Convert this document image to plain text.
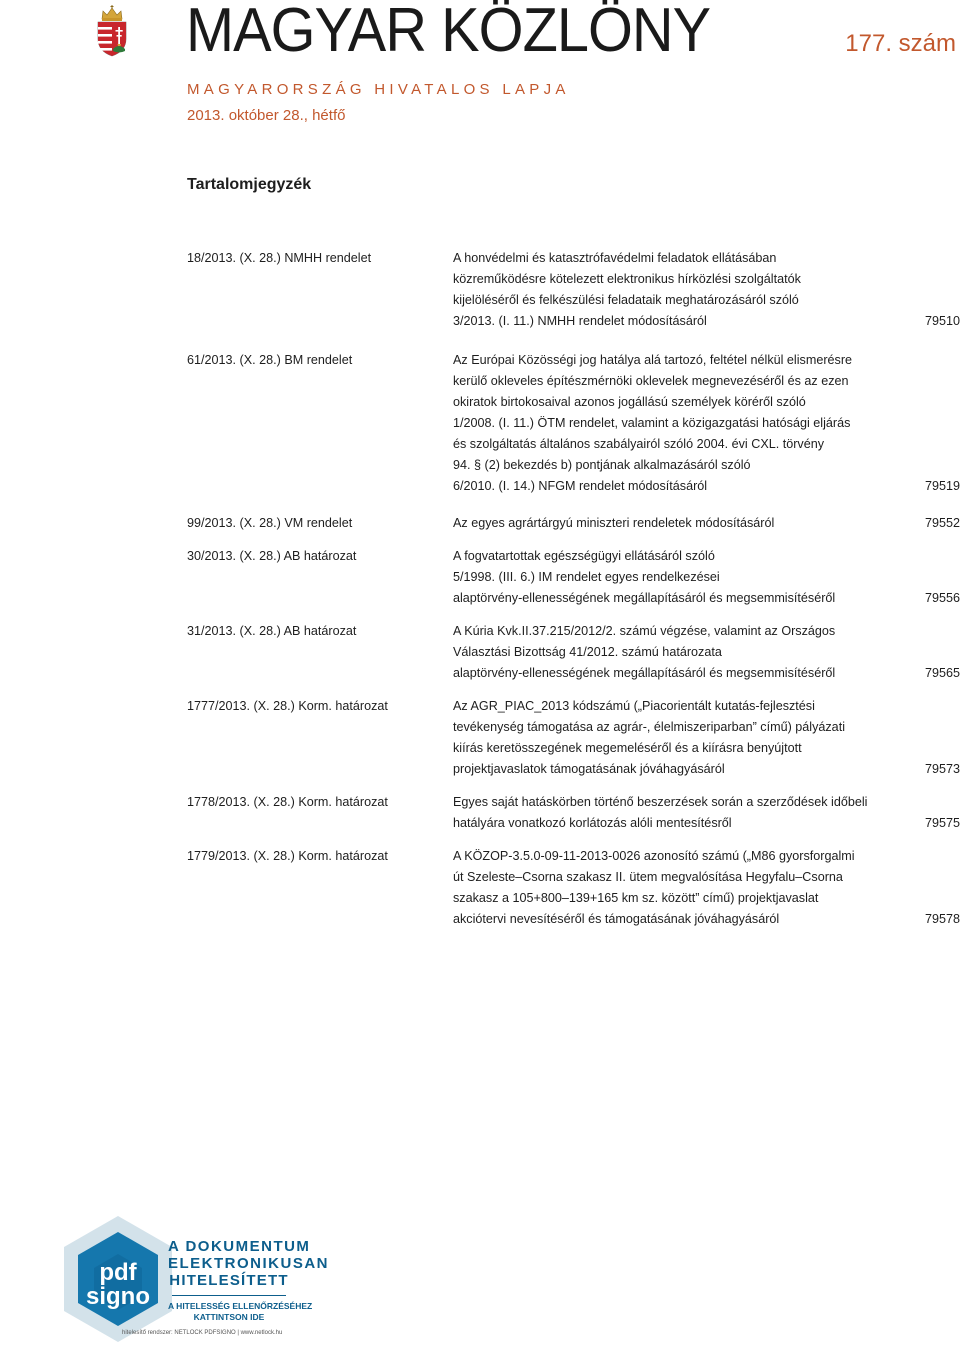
MAGYAR KÖZLÖNY	177. szám
MAGYARORSZÁG HIVATALOS LAPJA
2013. október 28., hétfő
Tartalomjegyzék
18/2013. (X. 28.) NMHH rendelet	A honvédelmi és katasztrófavédelmi feladatok ellátásában
közreműködésre kötelezett elektronikus hírközlési szolgáltatók
kijelöléséről és felkészülési feladataik meghatározásáról szóló
3/2013. (I. 11.) NMHH rendelet módosításáról	79510
61/2013. (X. 28.) BM rendelet	Az Európai Közösségi jog hatálya alá tartozó, feltétel nélkül elismerésre
kerülő okleveles építészmérnöki oklevelek megnevezéséről és az ezen
okiratok birtokosaival azonos jogállású személyek köréről szóló
1/2008. (I. 11.) ÖTM rendelet, valamint a közigazgatási hatósági eljárás
és szolgáltatás általános szabályairól szóló 2004. évi CXL. törvény
94. § (2) bekezdés b) pontjának alkalmazásáról szóló
6/2010. (I. 14.) NFGM rendelet módosításáról	79519
99/2013. (X. 28.) VM rendelet	Az egyes agrártárgyú miniszteri rendeletek módosításáról	79552
30/2013. (X. 28.) AB határozat	A fogvatartottak egészségügyi ellátásáról szóló
5/1998. (III. 6.) IM rendelet egyes rendelkezései
alaptörvény-ellenességének megállapításáról és megsemmisítéséről	79556
31/2013. (X. 28.) AB határozat	A Kúria Kvk.II.37.215/2012/2. számú végzése, valamint az Országos
Választási Bizottság 41/2012. számú határozata
alaptörvény-ellenességének megállapításáról és megsemmisítéséről	79565
1777/2013. (X. 28.) Korm. határozat	Az AGR_PIAC_2013 kódszámú („Piacorientált kutatás-fejlesztési
tevékenység támogatása az agrár-, élelmiszeriparban” című) pályázati
kiírás keretösszegének megemeléséről és a kiírásra benyújtott
projektjavaslatok támogatásának jóváhagyásáról	79573
1778/2013. (X. 28.) Korm. határozat	Egyes saját hatáskörben történő beszerzések során a szerződések időbeli
hatályára vonatkozó korlátozás alóli mentesítésről	79575
1779/2013. (X. 28.) Korm. határozat	A KÖZOP-3.5.0-09-11-2013-0026 azonosító számú („M86 gyorsforgalmi
út Szeleste–Csorna szakasz II. ütem megvalósítása Hegyfalu–Csorna
szakasz a 105+800–139+165 km sz. között” című) projektjavaslat
akciótervi nevesítéséről és támogatásának jóváhagyásáról	79578
pdf
signo
A DOKUMENTUM
ELEKTRONIKUSAN
HITELESÍTETT
A HITELESSÉG ELLENŐRZÉSÉHEZ
KATTINTSON IDE
hitelesítő rendszer: NETLOCK PDFSIGNO | www.netlock.hu
